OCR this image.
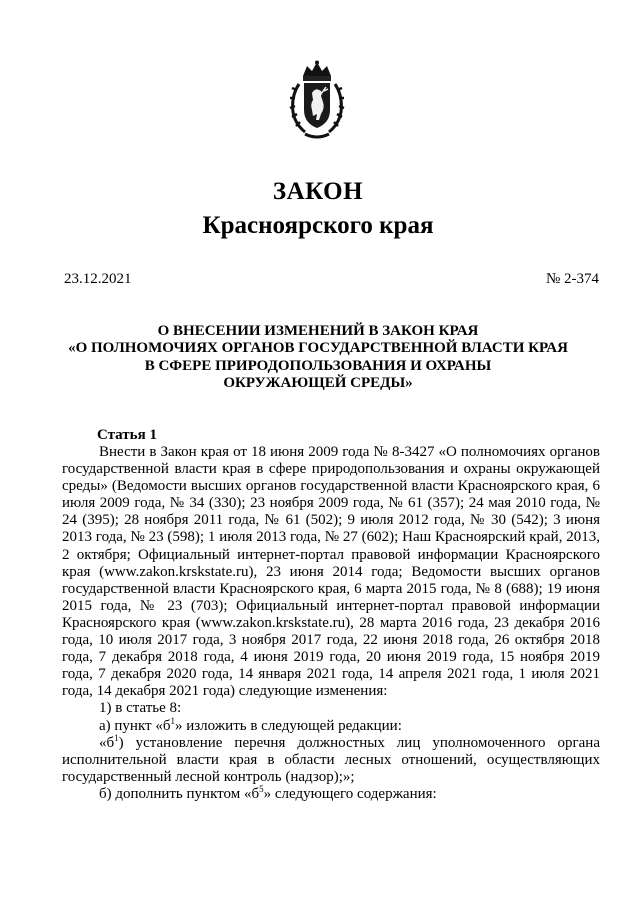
ЗАКОН
Красноярского края
23.12.2021	№ 2-374
О ВНЕСЕНИИ ИЗМЕНЕНИЙ В ЗАКОН КРАЯ
«О ПОЛНОМОЧИЯХ ОРГАНОВ ГОСУДАРСТВЕННОЙ ВЛАСТИ КРАЯ
В СФЕРЕ ПРИРОДОПОЛЬЗОВАНИЯ И ОХРАНЫ
ОКРУЖАЮЩЕЙ СРЕДЫ»
Статья 1

Внести в Закон края от 18 июня 2009 года № 8-3427 «О полномочиях органов государственной власти края в сфере природопользования и охраны окружающей среды» (Ведомости высших органов государственной власти Красноярского края, 6 июля 2009 года, № 34 (330); 23 ноября 2009 года, № 61 (357); 24 мая 2010 года, № 24 (395); 28 ноября 2011 года, № 61 (502); 9 июля 2012 года, № 30 (542); 3 июня 2013 года, № 23 (598); 1 июля 2013 года, № 27 (602); Наш Красноярский край, 2013, 2 октября; Официальный интернет-портал правовой информации Красноярского края (www.zakon.krskstate.ru), 23 июня 2014 года; Ведомости высших органов государственной власти Красноярского края, 6 марта 2015 года, № 8 (688); 19 июня 2015 года, № 23 (703); Официальный интернет-портал правовой информации Красноярского края (www.zakon.krskstate.ru), 28 марта 2016 года, 23 декабря 2016 года, 10 июля 2017 года, 3 ноября 2017 года, 22 июня 2018 года, 26 октября 2018 года, 7 декабря 2018 года, 4 июня 2019 года, 20 июня 2019 года, 15 ноября 2019 года, 7 декабря 2020 года, 14 января 2021 года, 14 апреля 2021 года, 1 июля 2021 года, 14 декабря 2021 года) следующие изменения:

1) в статье 8:

а) пункт «$б^1$» изложить в следующей редакции:

«$б^1$) установление перечня должностных лиц уполномоченного органа исполнительной власти края в области лесных отношений, осуществляющих государственный лесной контроль (надзор);»;

б) дополнить пунктом «$б^5$» следующего содержания:
